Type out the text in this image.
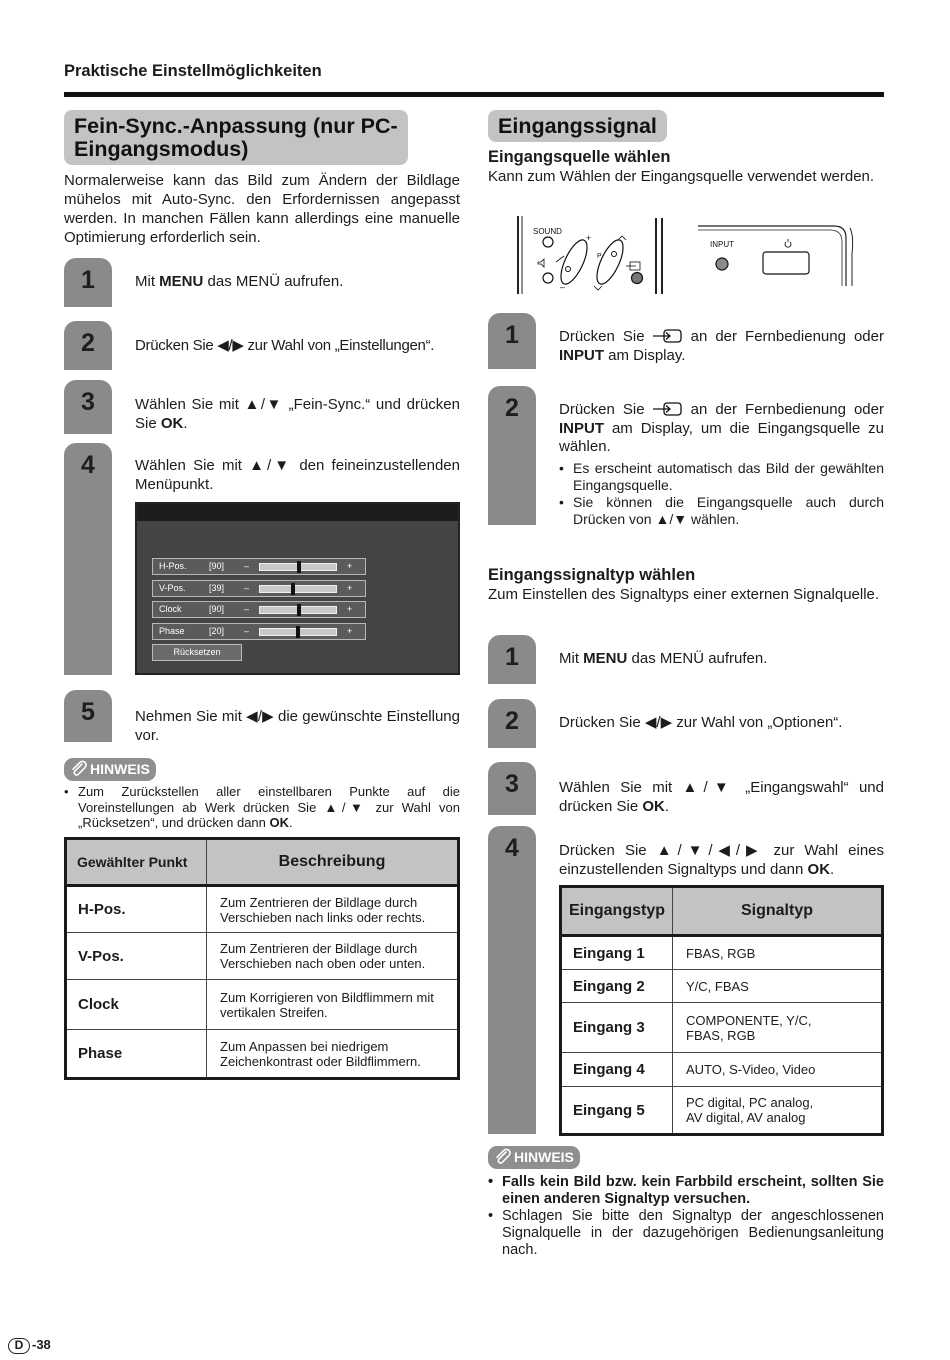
Praktische Einstellmöglichkeiten
Fein-Sync.-Anpassung (nur PC-
Eingangsmodus)
Normalerweise kann das Bild zum Ändern der Bildlage mühelos mit Auto-Sync. den Erfordernissen angepasst werden. In manchen Fällen kann allerdings eine manuelle Optimierung erforderlich sein.
1	Mit MENU das MENÜ aufrufen.
2	Drücken Sie ◀/▶ zur Wahl von „Einstellungen“.
3	Wählen Sie mit ▲/▼ „Fein-Sync.“ und drücken Sie OK.
4	Wählen Sie mit ▲/▼ den feineinzustellenden Menüpunkt.
H-Pos. [90] –	+
V-Pos.	[39] –	+
Clock	[90] –	+
Phase	[20] –	+
Rücksetzen
5	Nehmen Sie mit ◀/▶ die gewünschte Einstellung vor.
HINWEIS
• Zum Zurückstellen aller einstellbaren Punkte auf die Voreinstellungen ab Werk drücken Sie ▲/▼ zur Wahl von „Rücksetzen“, und drücken dann OK.
Gewählter Punkt	Beschreibung
H-Pos.	Zum Zentrieren der Bildlage durch Verschieben nach links oder rechts.
V-Pos.	Zum Zentrieren der Bildlage durch Verschieben nach oben oder unten.
Clock	Zum Korrigieren von Bildflimmern mit vertikalen Streifen.
Phase	Zum Anpassen bei niedrigem Zeichenkontrast oder Bildflimmern.
Eingangssignal
Eingangsquelle wählen
Kann zum Wählen der Eingangsquelle verwendet werden.
SOUND
+
–
P
INPUT
1	Drücken Sie  an der Fernbedienung oder INPUT am Display.
2	Drücken Sie  an der Fernbedienung oder INPUT am Display, um die Eingangsquelle zu wählen.
• Es erscheint automatisch das Bild der gewählten Eingangsquelle.
• Sie können die Eingangsquelle auch durch Drücken von ▲/▼ wählen.
Eingangssignaltyp wählen
Zum Einstellen des Signaltyps einer externen Signalquelle.
1	Mit MENU das MENÜ aufrufen.
2	Drücken Sie ◀/▶ zur Wahl von „Optionen“.
3	Wählen Sie mit ▲/▼ „Eingangswahl“ und drücken Sie OK.
4	Drücken Sie ▲/▼/◀/▶ zur Wahl eines einzustellenden Signaltyps und dann OK.
Eingangstyp	Signaltyp
Eingang 1	FBAS, RGB
Eingang 2	Y/C, FBAS
Eingang 3	COMPONENTE, Y/C, FBAS, RGB
Eingang 4	AUTO, S-Video, Video
Eingang 5	PC digital, PC analog, AV digital, AV analog
HINWEIS
• Falls kein Bild bzw. kein Farbbild erscheint, sollten Sie einen anderen Signaltyp versuchen.
• Schlagen Sie bitte den Signaltyp der angeschlossenen Signalquelle in der dazugehörigen Bedienungsanleitung nach.
D -38
